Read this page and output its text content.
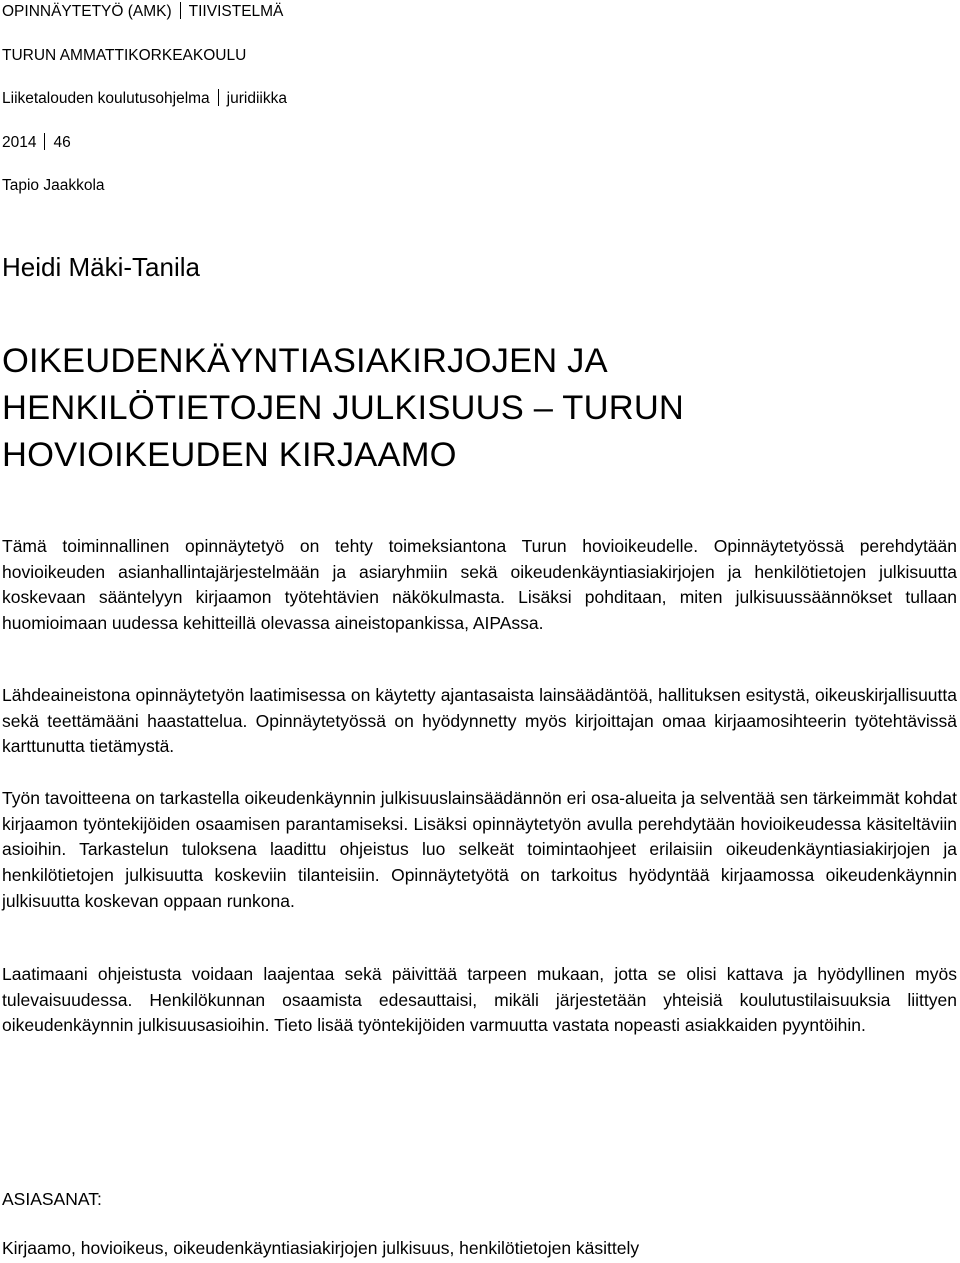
OPINNÄYTETYÖ (AMK) TIIVISTELMÄ
TURUN AMMATTIKORKEAKOULU
Liiketalouden koulutusohjelma juridiikka
2014 46
Tapio Jaakkola
Heidi Mäki-Tanila
OIKEUDENKÄYNTIASIAKIRJOJEN JA
HENKILÖTIETOJEN JULKISUUS – TURUN
HOVIOIKEUDEN KIRJAAMO

Tämä toiminnallinen opinnäytetyö on tehty toimeksiantona Turun hovioikeudelle. Opinnäytetyössä perehdytään hovioikeuden asianhallintajärjestelmään ja asiaryhmiin sekä oikeudenkäyntiasiakirjojen ja henkilötietojen julkisuutta koskevaan sääntelyyn kirjaamon työtehtävien näkökulmasta. Lisäksi pohditaan, miten julkisuussäännökset tullaan huomioimaan uudessa kehitteillä olevassa aineistopankissa, AIPAssa.

Lähdeaineistona opinnäytetyön laatimisessa on käytetty ajantasaista lainsäädäntöä, hallituksen esitystä, oikeuskirjallisuutta sekä teettämääni haastattelua. Opinnäytetyössä on hyödynnetty myös kirjoittajan omaa kirjaamosihteerin työtehtävissä karttunutta tietämystä.

Työn tavoitteena on tarkastella oikeudenkäynnin julkisuuslainsäädännön eri osa-alueita ja selventää sen tärkeimmät kohdat kirjaamon työntekijöiden osaamisen parantamiseksi. Lisäksi opinnäytetyön avulla perehdytään hovioikeudessa käsiteltäviin asioihin. Tarkastelun tuloksena laadittu ohjeistus luo selkeät toimintaohjeet erilaisiin oikeudenkäyntiasiakirjojen ja henkilötietojen julkisuutta koskeviin tilanteisiin. Opinnäytetyötä on tarkoitus hyödyntää kirjaamossa oikeudenkäynnin julkisuutta koskevan oppaan runkona.

Laatimaani ohjeistusta voidaan laajentaa sekä päivittää tarpeen mukaan, jotta se olisi kattava ja hyödyllinen myös tulevaisuudessa. Henkilökunnan osaamista edesauttaisi, mikäli järjestetään yhteisiä koulutustilaisuuksia liittyen oikeudenkäynnin julkisuusasioihin. Tieto lisää työntekijöiden varmuutta vastata nopeasti asiakkaiden pyyntöihin.

ASIASANAT:
Kirjaamo, hovioikeus, oikeudenkäyntiasiakirjojen julkisuus, henkilötietojen käsittely
